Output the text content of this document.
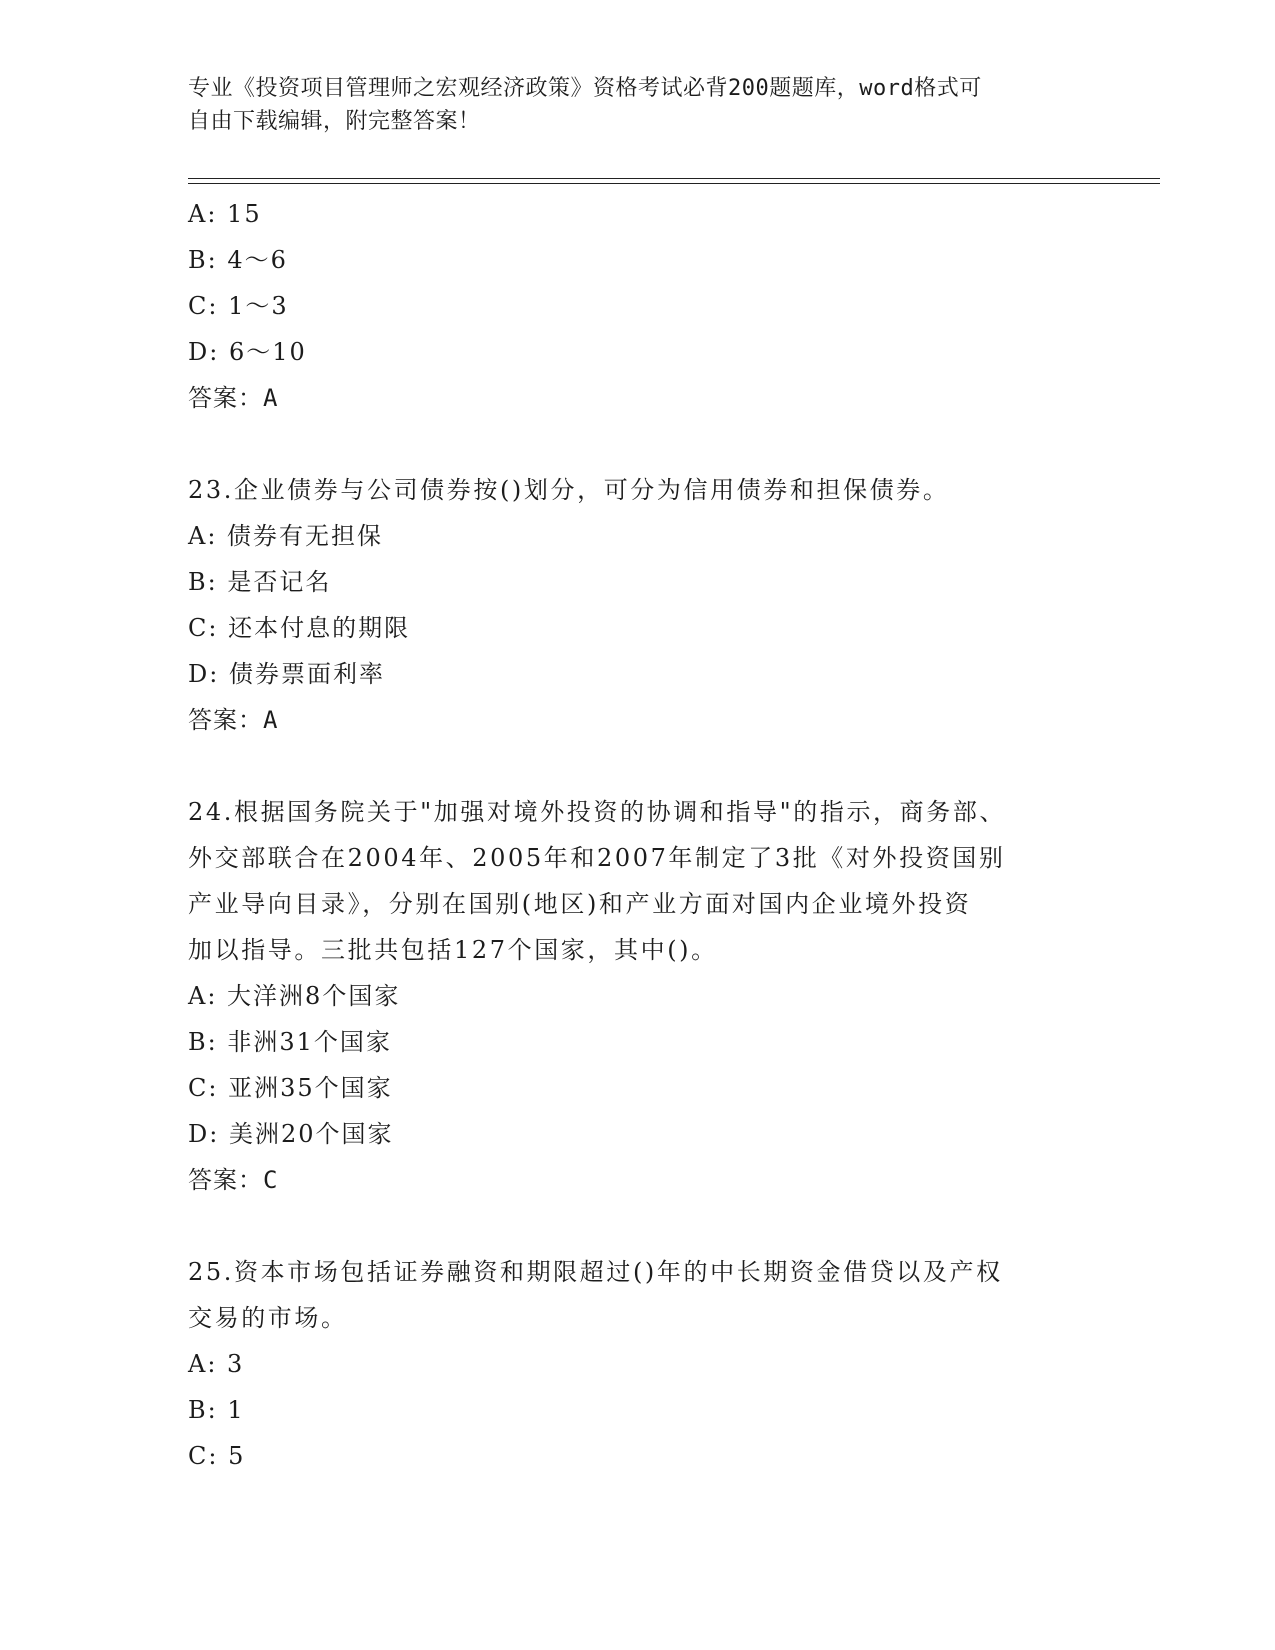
专业《投资项目管理师之宏观经济政策》资格考试必背200题题库，word格式可
自由下载编辑，附完整答案！
A: 15
B: 4～6
C: 1～3
D: 6～10
答案：A
23.企业债券与公司债券按()划分，可分为信用债券和担保债券。
A: 债券有无担保
B: 是否记名
C: 还本付息的期限
D: 债券票面利率
答案：A
24.根据国务院关于"加强对境外投资的协调和指导"的指示，商务部、
外交部联合在2004年、2005年和2007年制定了3批《对外投资国别
产业导向目录》，分别在国别(地区)和产业方面对国内企业境外投资
加以指导。三批共包括127个国家，其中()。
A: 大洋洲8个国家
B: 非洲31个国家
C: 亚洲35个国家
D: 美洲20个国家
答案：C
25.资本市场包括证券融资和期限超过()年的中长期资金借贷以及产权
交易的市场。
A: 3
B: 1
C: 5
